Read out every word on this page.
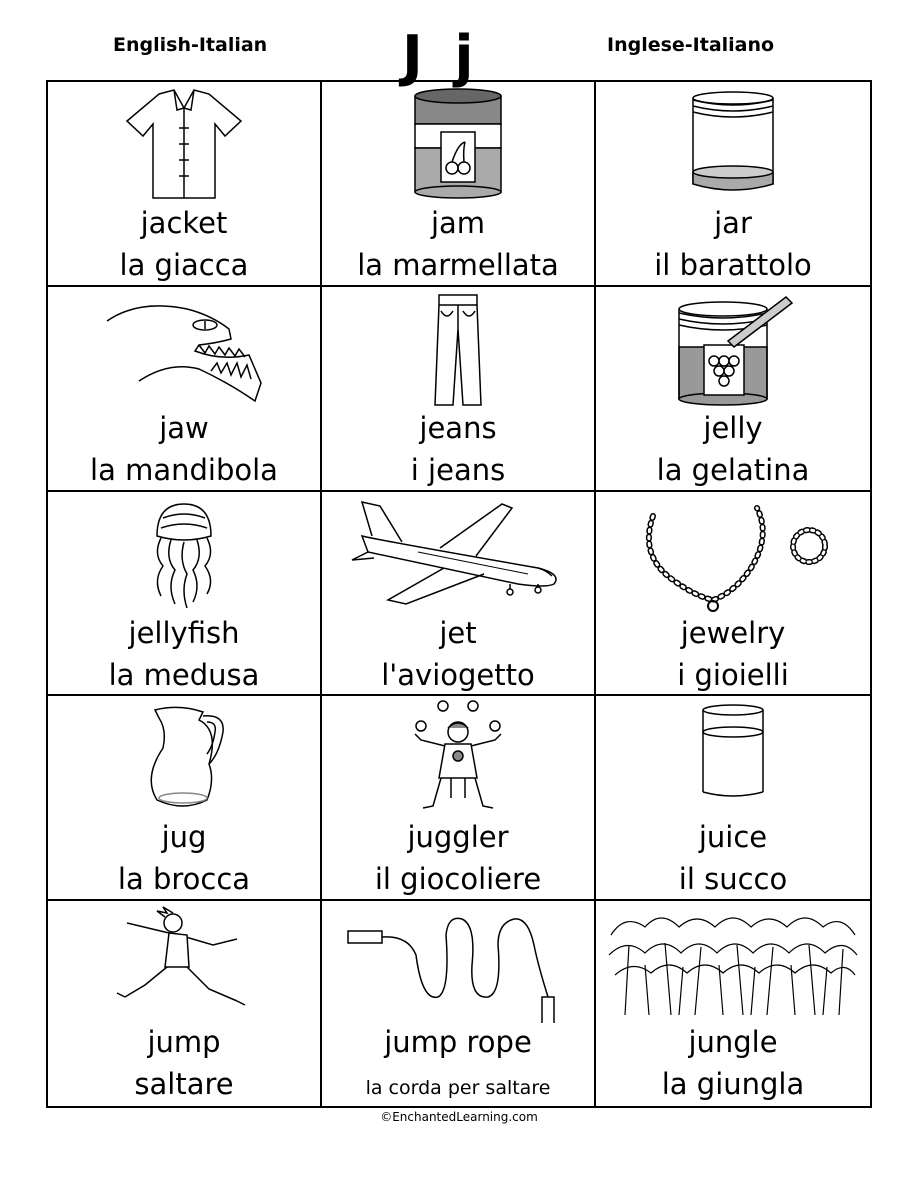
English-Italian J j	Inglese-Italiano
jacket
la giacca
jam
la marmellata
jar
il barattolo
jaw
la mandibola
jeans
i jeans
jelly
la gelatina
jellyfish
la medusa
jet
l'aviogetto
jewelry
i gioielli
jug
la brocca
juggler
il giocoliere
juice
il succo
jump
saltare
jump rope
la corda per saltare
jungle
la giungla
©EnchantedLearning.com
